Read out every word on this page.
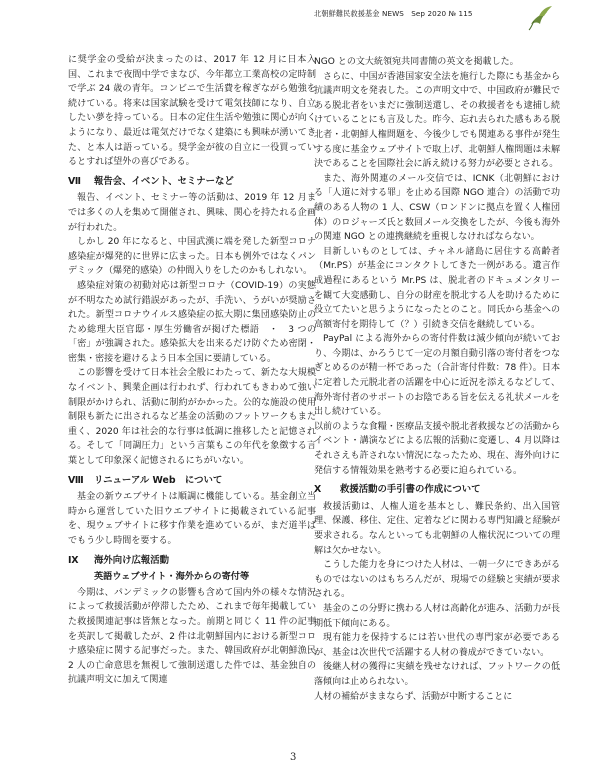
北朝鮮難民救援基金 NEWS　Sep 2020 № 115

に奨学金の受給が決まったのは、2017 年 12 月に日本入国、これまで夜間中学でまなび、今年都立工業高校の定時制で学ぶ 24 歳の青年。コンビニで生活費を稼ぎながら勉強を続けている。将来は国家試験を受けて電気技師になり、自立したい夢を持っている。日本の定住生活や勉強に関心が向くようになり、最近は電気だけでなく建築にも興味が湧いてきた、と本人は語っている。奨学金が彼の自立に一役買っているとすれば望外の喜びである。

Ⅶ 報告会、イベント、セミナーなど

報告、イベント、セミナー等の活動は、2019 年 12 月までは多くの人を集めて開催され、興味、関心を持たれる企画が行われた。

しかし 20 年になると、中国武漢に端を発した新型コロナ感染症が爆発的に世界に広まった。日本も例外ではなくパンデミック（爆発的感染）の仲間入りをしたのかもしれない。

感染症対策の初動対応は新型コロナ（COVID-19）の実態が不明なため試行錯誤があったが、手洗い、うがいが奨励された。新型コロナウイルス感染症の拡大期に集団感染防止のため総理大臣官邸・厚生労働省が掲げた標語　・　3 つの「密」が強調された。感染拡大を出来るだけ防ぐため密閉・密集・密接を避けるよう日本全国に要請している。

この影響を受けて日本社会全般にわたって、新たな大規模なイベント、興業企画は行われず、行われてもきわめて強い制限がかけられ、活動に制約がかかった。公的な施設の使用制限も新たに出されるなど基金の活動のフットワークもまた重く、2020 年は社会的な行事は低調に推移したと記憶される。そして「同調圧力」という言葉もこの年代を象徴する言葉として印象深く記憶されるにちがいない。

Ⅷ リニューアル Web　について

基金の新ウエブサイトは順調に機能している。基金創立当時から運営していた旧ウエブサイトに掲載されている記事を、現ウェブサイトに移す作業を進めているが、まだ道半ばでもう少し時間を要する。

Ⅸ 海外向け広報活動
英語ウェブサイト・海外からの寄付等

今期は、パンデミックの影響も含めて国内外の様々な情況によって救援活動が停滞したため、これまで毎年掲載していた救援関連記事は皆無となった。前期と同じく 11 件の記事を英訳して掲載したが、2 件は北朝鮮国内における新型コロナ感染症に関する記事だった。また、韓国政府が北朝鮮漁民 2 人の亡命意思を無視して強制送還した件では、基金独自の抗議声明文に加えて関連

NGO との文大統領宛共同書簡の英文を掲載した。

さらに、中国が香港国家安全法を施行した際にも基金から抗議声明文を発表した。この声明文中で、中国政府が難民である脱北者をいまだに強制送還し、その救援者をも逮捕し続けていることにも言及した。昨今、忘れ去られた感もある脱北者・北朝鮮人権問題を、今後少しでも関連ある事件が発生する度に基金ウェブサイトで取上げ、北朝鮮人権問題は未解決であることを国際社会に訴え続ける努力が必要とされる。

また、海外関連のメール交信では、ICNK（北朝鮮における「人道に対する罪」を止める国際 NGO 連合）の活動で功績のある人物の 1 人、CSW（ロンドンに拠点を置く人権団体）のロジャーズ氏と数回メール交換をしたが、今後も海外の関連 NGO との連携継続を重視しなければならない。

目新しいものとしては、チャネル諸島に居住する高齢者（Mr.PS）が基金にコンタクトしてきた一例がある。遺言作成過程にあるという Mr.PS は、脱北者のドキュメンタリーを観て大変感動し、自分の財産を脱北する人を助けるために役立てたいと思うようになったとのこと。同氏から基金への高額寄付を期待して（？）引続き交信を継続している。

PayPal による海外からの寄付件数は減少傾向が続いており、今期は、かろうじて一定の月額自動引落の寄付者をつなぎとめるのが精一杯であった（合計寄付件数：78 件）。日本に定着した元脱北者の活躍を中心に近況を添えるなどして、海外寄付者のサポートのお陰である旨を伝える礼状メールを出し続けている。

以前のような食糧・医療品支援や脱北者救援などの活動からイベント・講演などによる広報的活動に変遷し、4 月以降はそれさえも許されない情況になったため、現在、海外向けに発信する情報効果を熟考する必要に迫られている。

Ⅹ 救援活動の手引書の作成について

救援活動は、人権人道を基本とし、難民条約、出入国管理、保護、移住、定住、定着などに関わる専門知識と経験が要求される。なんといっても北朝鮮の人権状況についての理解は欠かせない。

こうした能力を身につけた人材は、一朝一夕にできあがるものではないのはもちろんだが、現場での経験と実績が要求される。

基金のこの分野に携わる人材は高齢化が進み、活動力が長期低下傾向にある。

現有能力を保持するには若い世代の専門家が必要であるが、基金は次世代で活躍する人材の養成ができていない。

後継人材の獲得に実績を残せなければ、フットワークの低落傾向は止められない。

人材の補給がままならず、活動が中断することに

3
